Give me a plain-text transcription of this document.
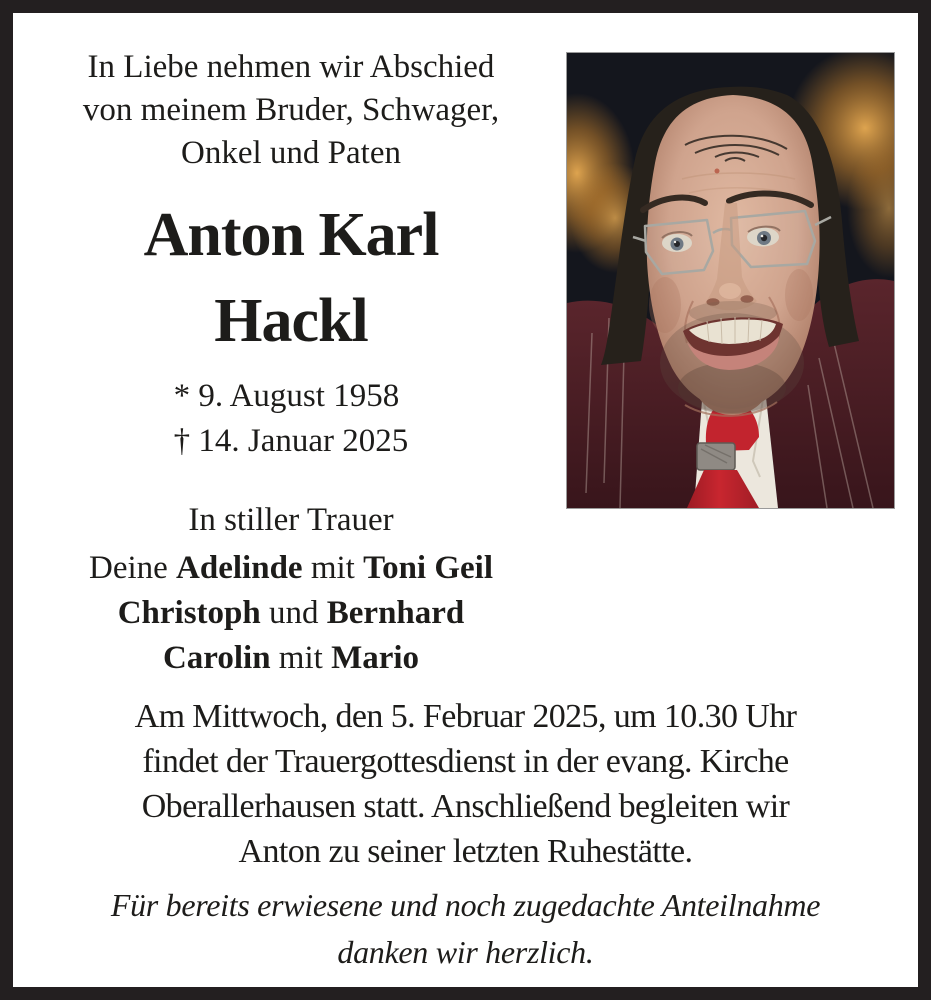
In Liebe nehmen wir Abschied
von meinem Bruder, Schwager,
Onkel und Paten
Anton Karl
Hackl
* 9. August 1958
† 14. Januar 2025
In stiller Trauer
Deine Adelinde mit Toni Geil
Christoph und Bernhard
Carolin mit Mario
Am Mittwoch, den 5. Februar 2025, um 10.30 Uhr
findet der Trauergottesdienst in der evang. Kirche
Oberallerhausen statt. Anschließend begleiten wir
Anton zu seiner letzten Ruhestätte.
Für bereits erwiesene und noch zugedachte Anteilnahme
danken wir herzlich.
